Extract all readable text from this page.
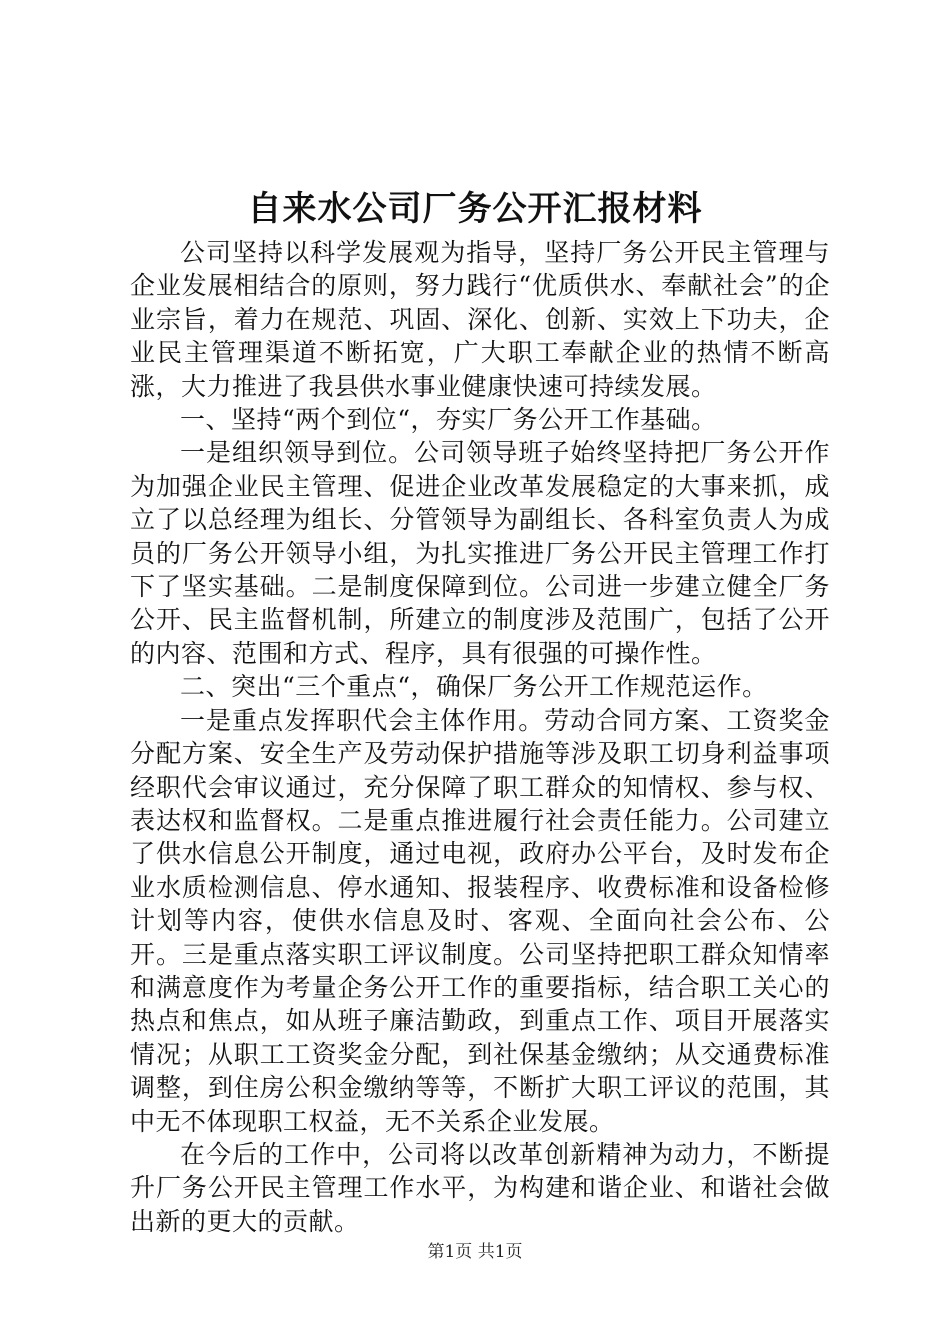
自来水公司厂务公开汇报材料

公司坚持以科学发展观为指导，坚持厂务公开民主管理与企业发展相结合的原则，努力践行“优质供水、奉献社会”的企业宗旨，着力在规范、巩固、深化、创新、实效上下功夫，企业民主管理渠道不断拓宽，广大职工奉献企业的热情不断高涨，大力推进了我县供水事业健康快速可持续发展。

一、坚持“两个到位“，夯实厂务公开工作基础。

一是组织领导到位。公司领导班子始终坚持把厂务公开作为加强企业民主管理、促进企业改革发展稳定的大事来抓，成立了以总经理为组长、分管领导为副组长、各科室负责人为成员的厂务公开领导小组，为扎实推进厂务公开民主管理工作打下了坚实基础。二是制度保障到位。公司进一步建立健全厂务公开、民主监督机制，所建立的制度涉及范围广，包括了公开的内容、范围和方式、程序，具有很强的可操作性。

二、突出“三个重点“，确保厂务公开工作规范运作。

一是重点发挥职代会主体作用。劳动合同方案、工资奖金分配方案、安全生产及劳动保护措施等涉及职工切身利益事项经职代会审议通过，充分保障了职工群众的知情权、参与权、表达权和监督权。二是重点推进履行社会责任能力。公司建立了供水信息公开制度，通过电视，政府办公平台，及时发布企业水质检测信息、停水通知、报装程序、收费标准和设备检修计划等内容，使供水信息及时、客观、全面向社会公布、公开。三是重点落实职工评议制度。公司坚持把职工群众知情率和满意度作为考量企务公开工作的重要指标，结合职工关心的热点和焦点，如从班子廉洁勤政，到重点工作、项目开展落实情况；从职工工资奖金分配，到社保基金缴纳；从交通费标准调整，到住房公积金缴纳等等，不断扩大职工评议的范围，其中无不体现职工权益，无不关系企业发展。

在今后的工作中，公司将以改革创新精神为动力，不断提升厂务公开民主管理工作水平，为构建和谐企业、和谐社会做出新的更大的贡献。

第1页 共1页
